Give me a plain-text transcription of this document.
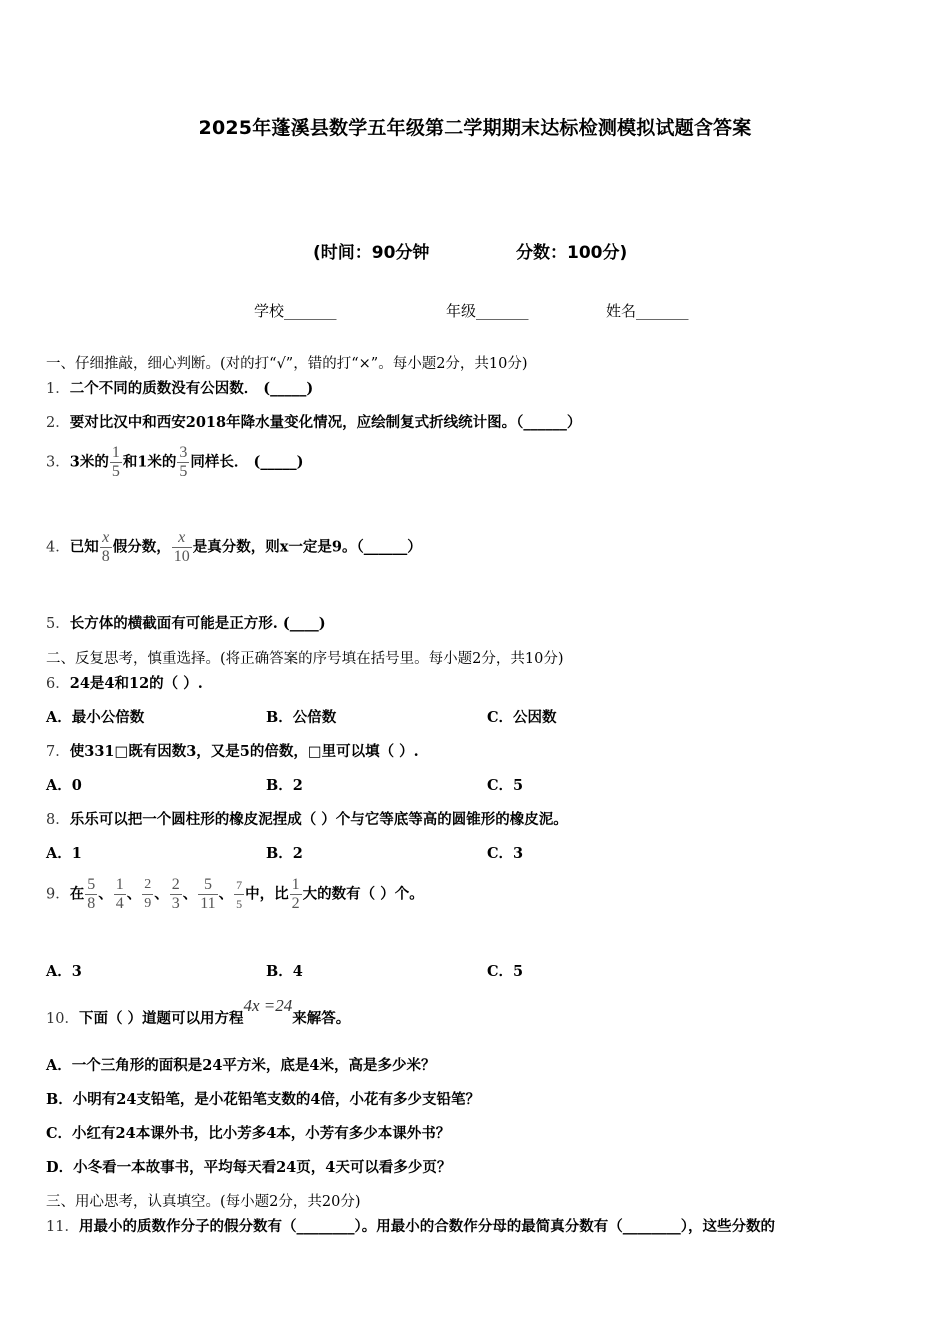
2025年蓬溪县数学五年级第二学期期末达标检测模拟试题含答案
(时间：90分钟	分数：100分)
学校_______	年级_______	姓名_______
一、仔细推敲，细心判断。(对的打“√”，错的打“×”。每小题2分，共10分)
1．二个不同的质数没有公因数． (_____)
2．要对比汉中和西安2018年降水量变化情况，应绘制复式折线统计图。（______）
3．3米的 $\frac{1}{5}$ 和1米的 $\frac{3}{5}$ 同样长． (_____)
4．已知 $\frac{x}{8}$ 假分数， $\frac{x}{10}$ 是真分数，则x一定是9。（______）
5．长方体的横截面有可能是正方形. (____)
二、反复思考，慎重选择。(将正确答案的序号填在括号里。每小题2分，共10分)
6．24是4和12的（ ）.
A．最小公倍数	B．公倍数	C．公因数
7．使331□既有因数3，又是5的倍数，□里可以填（ ）.
A．0	B．2	C．5
8．乐乐可以把一个圆柱形的橡皮泥捏成（ ）个与它等底等高的圆锥形的橡皮泥。
A．1	B．2	C．3
9．在 $\frac{5}{8}$ 、 $\frac{1}{4}$ 、 $\frac{2}{9}$ 、 $\frac{2}{3}$ 、 $\frac{5}{11}$ 、 $\frac{7}{5}$ 中，比 $\frac{1}{2}$ 大的数有（ ）个。
A．3	B．4	C．5
10．下面（ ）道题可以用方程4x =24来解答。
A．一个三角形的面积是24平方米，底是4米，高是多少米？
B．小明有24支铅笔，是小花铅笔支数的4倍，小花有多少支铅笔？
C．小红有24本课外书，比小芳多4本，小芳有多少本课外书？
D．小冬看一本故事书，平均每天看24页，4天可以看多少页？
三、用心思考，认真填空。(每小题2分，共20分)
11．用最小的质数作分子的假分数有（________）。用最小的合数作分母的最简真分数有（________），这些分数的
